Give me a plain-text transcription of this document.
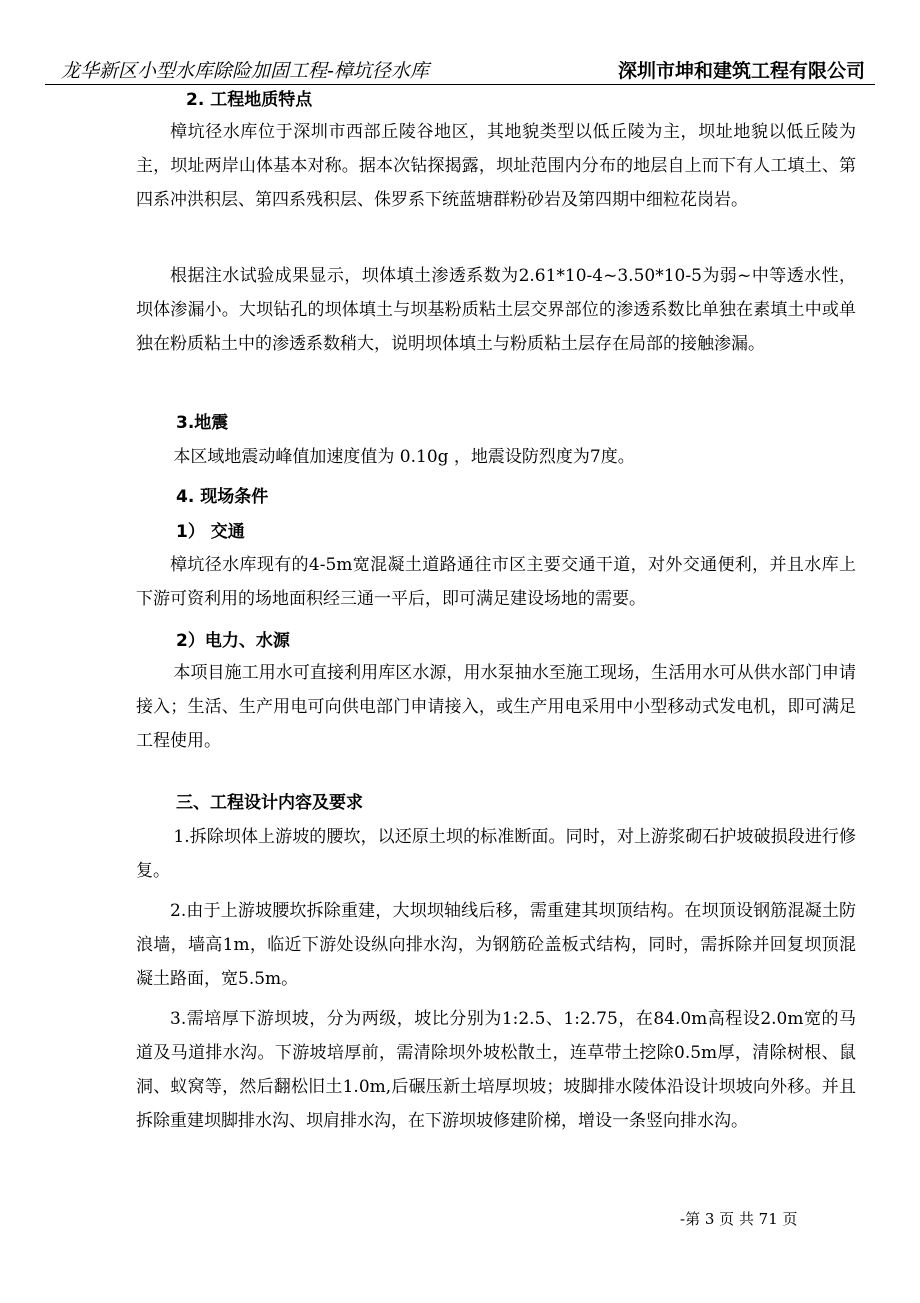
龙华新区小型水库除险加固工程-樟坑径水库	深圳市坤和建筑工程有限公司
2. 工程地质特点
樟坑径水库位于深圳市西部丘陵谷地区，其地貌类型以低丘陵为主，坝址地貌以低丘陵为主，坝址两岸山体基本对称。据本次钻探揭露，坝址范围内分布的地层自上而下有人工填土、第四系冲洪积层、第四系残积层、侏罗系下统蓝塘群粉砂岩及第四期中细粒花岗岩。
根据注水试验成果显示，坝体填土渗透系数为2.61*10-4~3.50*10-5为弱~中等透水性，坝体渗漏小。大坝钻孔的坝体填土与坝基粉质粘土层交界部位的渗透系数比单独在素填土中或单独在粉质粘土中的渗透系数稍大，说明坝体填土与粉质粘土层存在局部的接触渗漏。
3.地震
本区域地震动峰值加速度值为 0.10g ，地震设防烈度为7度。
4. 现场条件
1） 交通
樟坑径水库现有的4-5m宽混凝土道路通往市区主要交通干道，对外交通便利，并且水库上下游可资利用的场地面积经三通一平后，即可满足建设场地的需要。
2）电力、水源
本项目施工用水可直接利用库区水源，用水泵抽水至施工现场，生活用水可从供水部门申请接入；生活、生产用电可向供电部门申请接入，或生产用电采用中小型移动式发电机，即可满足工程使用。
三、工程设计内容及要求
1.拆除坝体上游坡的腰坎，以还原土坝的标准断面。同时，对上游浆砌石护坡破损段进行修复。
2.由于上游坡腰坎拆除重建，大坝坝轴线后移，需重建其坝顶结构。在坝顶设钢筋混凝土防浪墙，墙高1m，临近下游处设纵向排水沟，为钢筋砼盖板式结构，同时，需拆除并回复坝顶混凝土路面，宽5.5m。
3.需培厚下游坝坡，分为两级，坡比分别为1:2.5、1:2.75，在84.0m高程设2.0m宽的马道及马道排水沟。下游坡培厚前，需清除坝外坡松散土，连草带土挖除0.5m厚，清除树根、鼠洞、蚁窝等，然后翻松旧土1.0m,后碾压新土培厚坝坡；坡脚排水陵体沿设计坝坡向外移。并且拆除重建坝脚排水沟、坝肩排水沟，在下游坝坡修建阶梯，增设一条竖向排水沟。
-第 3 页 共 71 页
